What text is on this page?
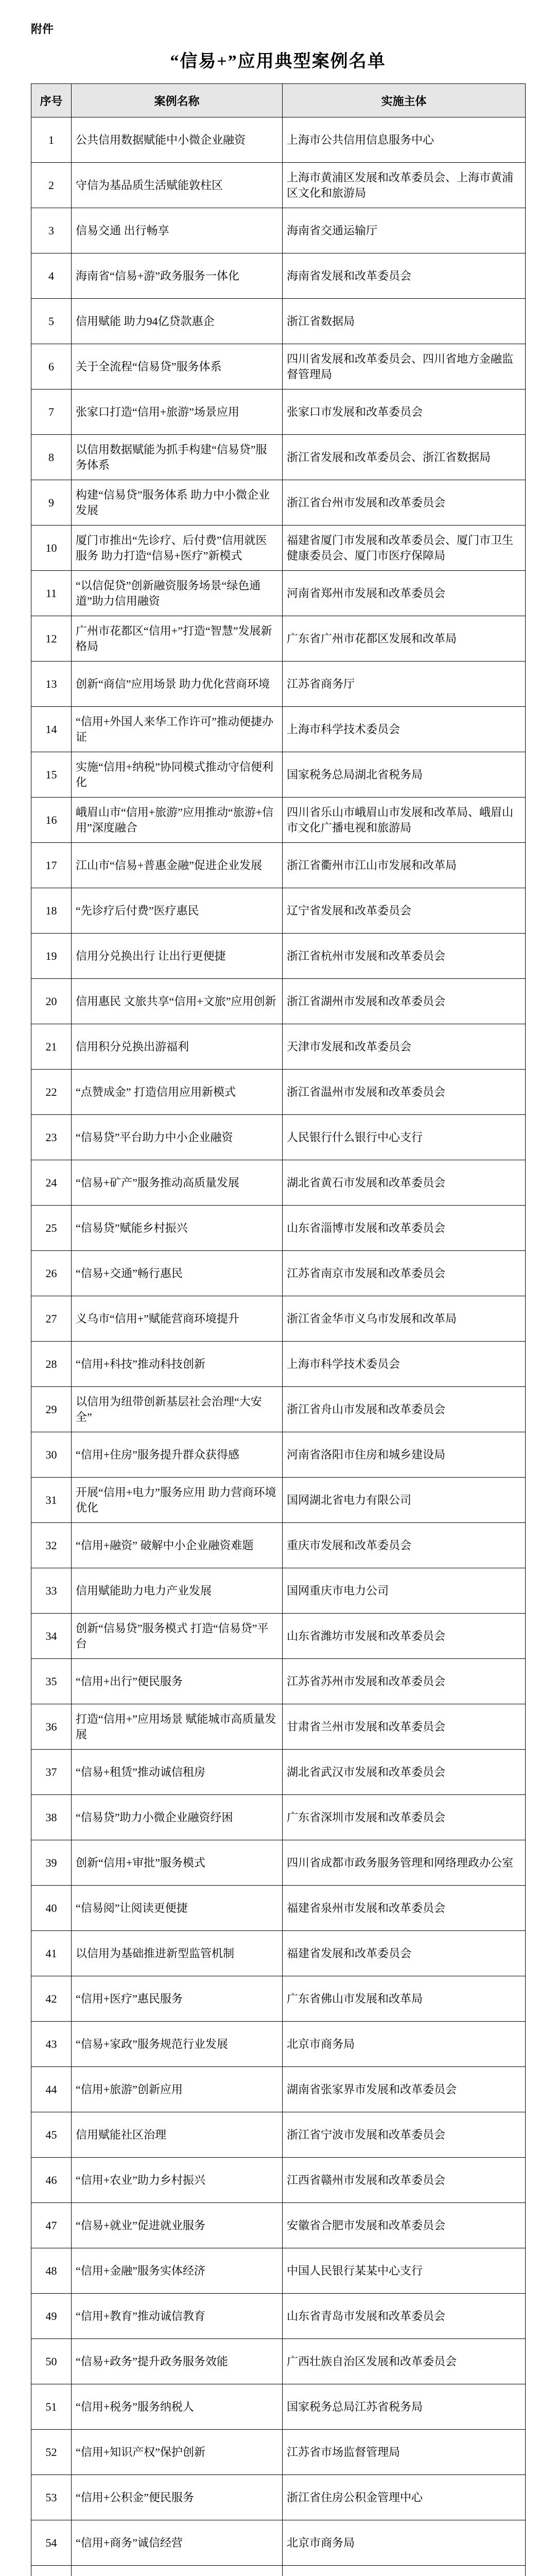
附件
“信易+”应用典型案例名单
序号	案例名称	实施主体
1	公共信用数据赋能中小微企业融资	上海市公共信用信息服务中心
2	守信为基品质生活赋能敦柱区	上海市黄浦区发展和改革委员会、上海市黄浦区文化和旅游局
3	信易交通 出行畅享	海南省交通运输厅
4	海南省“信易+游”政务服务一体化	海南省发展和改革委员会
5	信用赋能 助力94亿贷款惠企	浙江省数据局
6	关于全流程“信易贷”服务体系	四川省发展和改革委员会、四川省地方金融监督管理局
7	张家口打造“信用+旅游”场景应用	张家口市发展和改革委员会
8	以信用数据赋能为抓手构建“信易贷”服务体系	浙江省发展和改革委员会、浙江省数据局
9	构建“信易贷”服务体系 助力中小微企业发展	浙江省台州市发展和改革委员会
10	厦门市推出“先诊疗、后付费”信用就医服务 助力打造“信易+医疗”新模式	福建省厦门市发展和改革委员会、厦门市卫生健康委员会、厦门市医疗保障局
11	“以信促贷”创新融资服务场景“绿色通道”助力信用融资	河南省郑州市发展和改革委员会
12	广州市花都区“信用+”打造“智慧”发展新格局	广东省广州市花都区发展和改革局
13	创新“商信”应用场景 助力优化营商环境	江苏省商务厅
14	“信用+外国人来华工作许可”推动便捷办证	上海市科学技术委员会
15	实施“信用+纳税”协同模式推动守信便利化	国家税务总局湖北省税务局
16	峨眉山市“信用+旅游”应用推动“旅游+信用”深度融合	四川省乐山市峨眉山市发展和改革局、峨眉山市文化广播电视和旅游局
17	江山市“信易+普惠金融”促进企业发展	浙江省衢州市江山市发展和改革局
18	“先诊疗后付费”医疗惠民	辽宁省发展和改革委员会
19	信用分兑换出行 让出行更便捷	浙江省杭州市发展和改革委员会
20	信用惠民 文旅共享“信用+文旅”应用创新	浙江省湖州市发展和改革委员会
21	信用积分兑换出游福利	天津市发展和改革委员会
22	“点赞成金” 打造信用应用新模式	浙江省温州市发展和改革委员会
23	“信易贷”平台助力中小企业融资	人民银行什么银行中心支行
24	“信易+矿产”服务推动高质量发展	湖北省黄石市发展和改革委员会
25	“信易贷”赋能乡村振兴	山东省淄博市发展和改革委员会
26	“信易+交通”畅行惠民	江苏省南京市发展和改革委员会
27	义乌市“信用+”赋能营商环境提升	浙江省金华市义乌市发展和改革局
28	“信用+科技”推动科技创新	上海市科学技术委员会
29	以信用为纽带创新基层社会治理“大安全”	浙江省舟山市发展和改革委员会
30	“信用+住房”服务提升群众获得感	河南省洛阳市住房和城乡建设局
31	开展“信用+电力”服务应用 助力营商环境优化	国网湖北省电力有限公司
32	“信用+融资” 破解中小企业融资难题	重庆市发展和改革委员会
33	信用赋能助力电力产业发展	国网重庆市电力公司
34	创新“信易贷”服务模式 打造“信易贷”平台	山东省潍坊市发展和改革委员会
35	“信用+出行”便民服务	江苏省苏州市发展和改革委员会
36	打造“信用+”应用场景 赋能城市高质量发展	甘肃省兰州市发展和改革委员会
37	“信易+租赁”推动诚信租房	湖北省武汉市发展和改革委员会
38	“信易贷”助力小微企业融资纾困	广东省深圳市发展和改革委员会
39	创新“信用+审批”服务模式	四川省成都市政务服务管理和网络理政办公室
40	“信易阅”让阅读更便捷	福建省泉州市发展和改革委员会
41	以信用为基础推进新型监管机制	福建省发展和改革委员会
42	“信用+医疗”惠民服务	广东省佛山市发展和改革局
43	“信易+家政”服务规范行业发展	北京市商务局
44	“信用+旅游”创新应用	湖南省张家界市发展和改革委员会
45	信用赋能社区治理	浙江省宁波市发展和改革委员会
46	“信用+农业”助力乡村振兴	江西省赣州市发展和改革委员会
47	“信易+就业”促进就业服务	安徽省合肥市发展和改革委员会
48	“信用+金融”服务实体经济	中国人民银行某某中心支行
49	“信用+教育”推动诚信教育	山东省青岛市发展和改革委员会
50	“信易+政务”提升政务服务效能	广西壮族自治区发展和改革委员会
51	“信用+税务”服务纳税人	国家税务总局江苏省税务局
52	“信用+知识产权”保护创新	江苏省市场监督管理局
53	“信用+公积金”便民服务	浙江省住房公积金管理中心
54	“信用+商务”诚信经营	北京市商务局
